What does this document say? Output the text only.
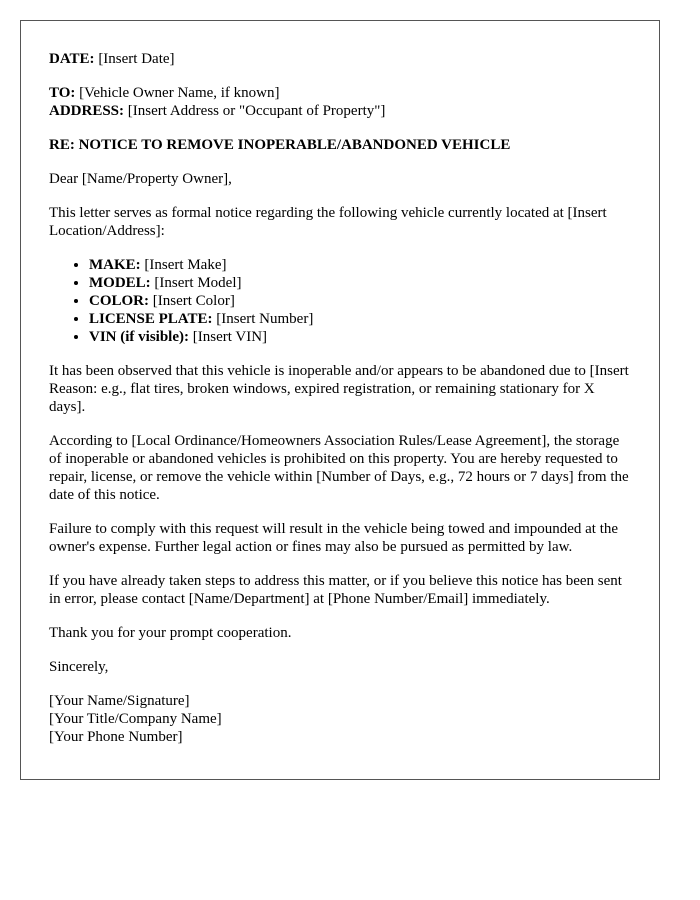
DATE: [Insert Date]

TO: [Vehicle Owner Name, if known]

ADDRESS: [Insert Address or "Occupant of Property"]

RE: NOTICE TO REMOVE INOPERABLE/ABANDONED VEHICLE

Dear [Name/Property Owner],

This letter serves as formal notice regarding the following vehicle currently located at [Insert Location/Address]:

• MAKE: [Insert Make]
• MODEL: [Insert Model]
• COLOR: [Insert Color]
• LICENSE PLATE: [Insert Number]
• VIN (if visible): [Insert VIN]

It has been observed that this vehicle is inoperable and/or appears to be abandoned due to [Insert Reason: e.g., flat tires, broken windows, expired registration, or remaining stationary for X days].

According to [Local Ordinance/Homeowners Association Rules/Lease Agreement], the storage of inoperable or abandoned vehicles is prohibited on this property. You are hereby requested to repair, license, or remove the vehicle within [Number of Days, e.g., 72 hours or 7 days] from the date of this notice.

Failure to comply with this request will result in the vehicle being towed and impounded at the owner's expense. Further legal action or fines may also be pursued as permitted by law.

If you have already taken steps to address this matter, or if you believe this notice has been sent in error, please contact [Name/Department] at [Phone Number/Email] immediately.

Thank you for your prompt cooperation.

Sincerely,

[Your Name/Signature]
[Your Title/Company Name]
[Your Phone Number]
